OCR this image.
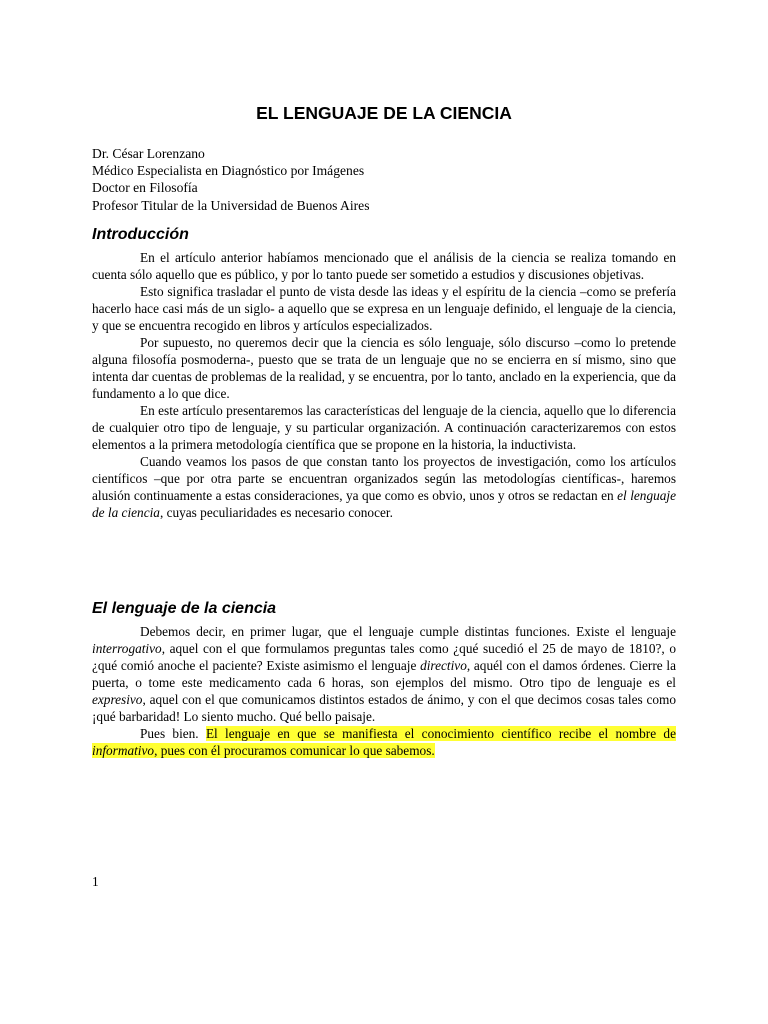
EL LENGUAJE DE LA CIENCIA
Dr. César Lorenzano
Médico Especialista en Diagnóstico por Imágenes
Doctor en Filosofía
Profesor Titular de la Universidad de Buenos Aires
Introducción

En el artículo anterior habíamos mencionado que el análisis de la ciencia se realiza tomando en cuenta sólo aquello que es público, y por lo tanto puede ser sometido a estudios y discusiones objetivas.

Esto significa trasladar el punto de vista desde las ideas y el espíritu de la ciencia –como se prefería hacerlo hace casi más de un siglo- a aquello que se expresa en un lenguaje definido, el lenguaje de la ciencia, y que se encuentra recogido en libros y artículos especializados.

Por supuesto, no queremos decir que la ciencia es sólo lenguaje, sólo discurso –como lo pretende alguna filosofía posmoderna-, puesto que se trata de un lenguaje que no se encierra en sí mismo, sino que intenta dar cuentas de problemas de la realidad, y se encuentra, por lo tanto, anclado en la experiencia, que da fundamento a lo que dice.

En este artículo presentaremos las características del lenguaje de la ciencia, aquello que lo diferencia de cualquier otro tipo de lenguaje, y su particular organización. A continuación caracterizaremos con estos elementos a la primera metodología científica que se propone en la historia, la inductivista.

Cuando veamos los pasos de que constan tanto los proyectos de investigación, como los artículos científicos –que por otra parte se encuentran organizados según las metodologías científicas-, haremos alusión continuamente a estas consideraciones, ya que como es obvio, unos y otros se redactan en el lenguaje de la ciencia, cuyas peculiaridades es necesario conocer.

El lenguaje de la ciencia

Debemos decir, en primer lugar, que el lenguaje cumple distintas funciones. Existe el lenguaje interrogativo, aquel con el que formulamos preguntas tales como ¿qué sucedió el 25 de mayo de 1810?, o ¿qué comió anoche el paciente? Existe asimismo el lenguaje directivo, aquél con el damos órdenes. Cierre la puerta, o tome este medicamento cada 6 horas, son ejemplos del mismo. Otro tipo de lenguaje es el expresivo, aquel con el que comunicamos distintos estados de ánimo, y con el que decimos cosas tales como ¡qué barbaridad! Lo siento mucho. Qué bello paisaje.

Pues bien. El lenguaje en que se manifiesta el conocimiento científico recibe el nombre de informativo, pues con él procuramos comunicar lo que sabemos.

1
